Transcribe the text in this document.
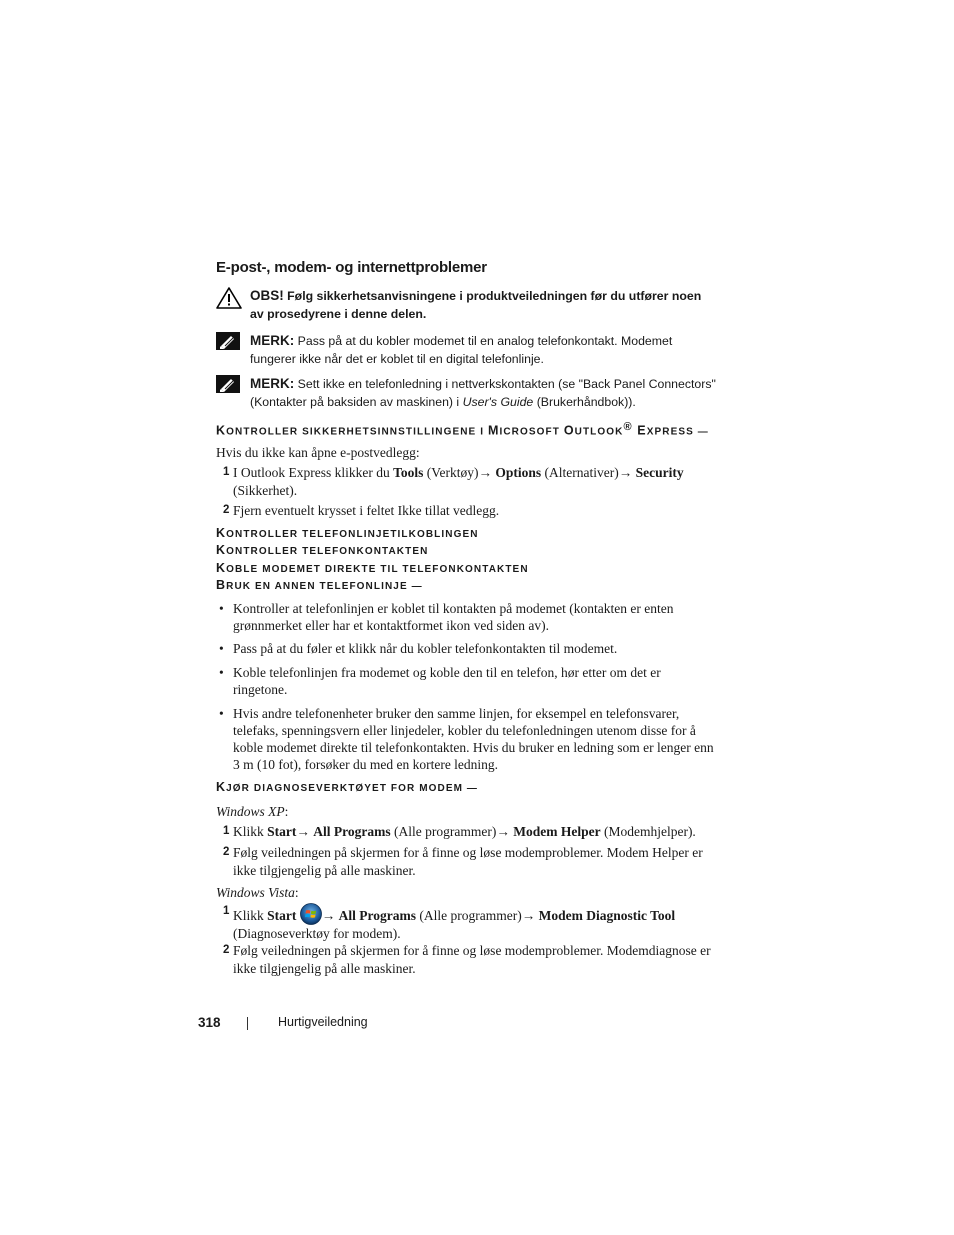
E-post-, modem- og internettproblemer
OBS! Følg sikkerhetsanvisningene i produktveiledningen før du utfører noen av prosedyrene i denne delen.
MERK: Pass på at du kobler modemet til en analog telefonkontakt. Modemet fungerer ikke når det er koblet til en digital telefonlinje.
MERK: Sett ikke en telefonledning i nettverkskontakten (se "Back Panel Connectors" (Kontakter på baksiden av maskinen) i User's Guide (Brukerhåndbok)).
KONTROLLER SIKKERHETSINNSTILLINGENE I MICROSOFT OUTLOOK® EXPRESS —
Hvis du ikke kan åpne e-postvedlegg:
1 I Outlook Express klikker du Tools (Verktøy)→ Options (Alternativer)→ Security
(Sikkerhet).
2 Fjern eventuelt krysset i feltet Ikke tillat vedlegg.
KONTROLLER TELEFONLINJETILKOBLINGEN
KONTROLLER TELEFONKONTAKTEN
KOBLE MODEMET DIREKTE TIL TELEFONKONTAKTEN
BRUK EN ANNEN TELEFONLINJE —
• Kontroller at telefonlinjen er koblet til kontakten på modemet (kontakten er enten grønnmerket eller har et kontaktformet ikon ved siden av).
• Pass på at du føler et klikk når du kobler telefonkontakten til modemet.
• Koble telefonlinjen fra modemet og koble den til en telefon, hør etter om det er ringetone.
• Hvis andre telefonenheter bruker den samme linjen, for eksempel en telefonsvarer, telefaks, spenningsvern eller linjedeler, kobler du telefonledningen utenom disse for å koble modemet direkte til telefonkontakten. Hvis du bruker en ledning som er lenger enn 3 m (10 fot), forsøker du med en kortere ledning.
KJØR DIAGNOSEVERKTØYET FOR MODEM —
Windows XP:
1 Klikk Start→ All Programs (Alle programmer)→ Modem Helper (Modemhjelper).
2 Følg veiledningen på skjermen for å finne og løse modemproblemer. Modem Helper er ikke tilgjengelig på alle maskiner.
Windows Vista:
1 Klikk Start → All Programs (Alle programmer)→ Modem Diagnostic Tool
(Diagnoseverktøy for modem).
2 Følg veiledningen på skjermen for å finne og løse modemproblemer. Modemdiagnose er ikke tilgjengelig på alle maskiner.
318	Hurtigveiledning
